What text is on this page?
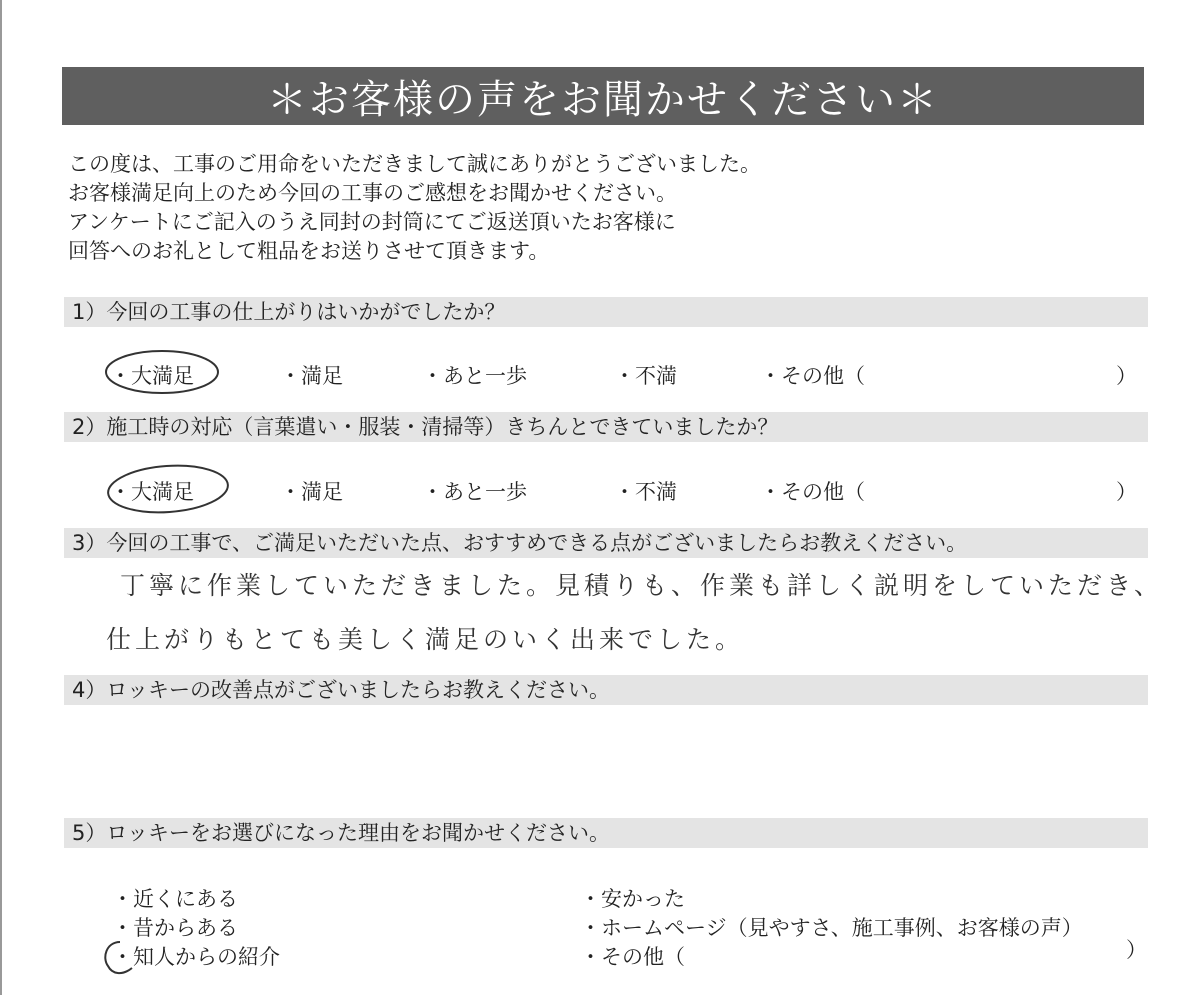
＊お客様の声をお聞かせください＊
この度は、工事のご用命をいただきまして誠にありがとうございました。
お客様満足向上のため今回の工事のご感想をお聞かせください。
アンケートにご記入のうえ同封の封筒にてご返送頂いたお客様に
回答へのお礼として粗品をお送りさせて頂きます。
1）今回の工事の仕上がりはいかがでしたか？
・大満足	・満足	・あと一歩	・不満	・その他（	）
2）施工時の対応（言葉遣い・服装・清掃等）きちんとできていましたか？
・大満足	・満足	・あと一歩	・不満	・その他（	）
3）今回の工事で、ご満足いただいた点、おすすめできる点がございましたらお教えください。
丁寧に作業していただきました。見積りも、作業も詳しく説明をしていただき、
仕上がりもとても美しく満足のいく出来でした。
4）ロッキーの改善点がございましたらお教えください。
5）ロッキーをお選びになった理由をお聞かせください。
・近くにある
・昔からある
・知人からの紹介
・安かった
・ホームページ（見やすさ、施工事例、お客様の声）
・その他（	）
